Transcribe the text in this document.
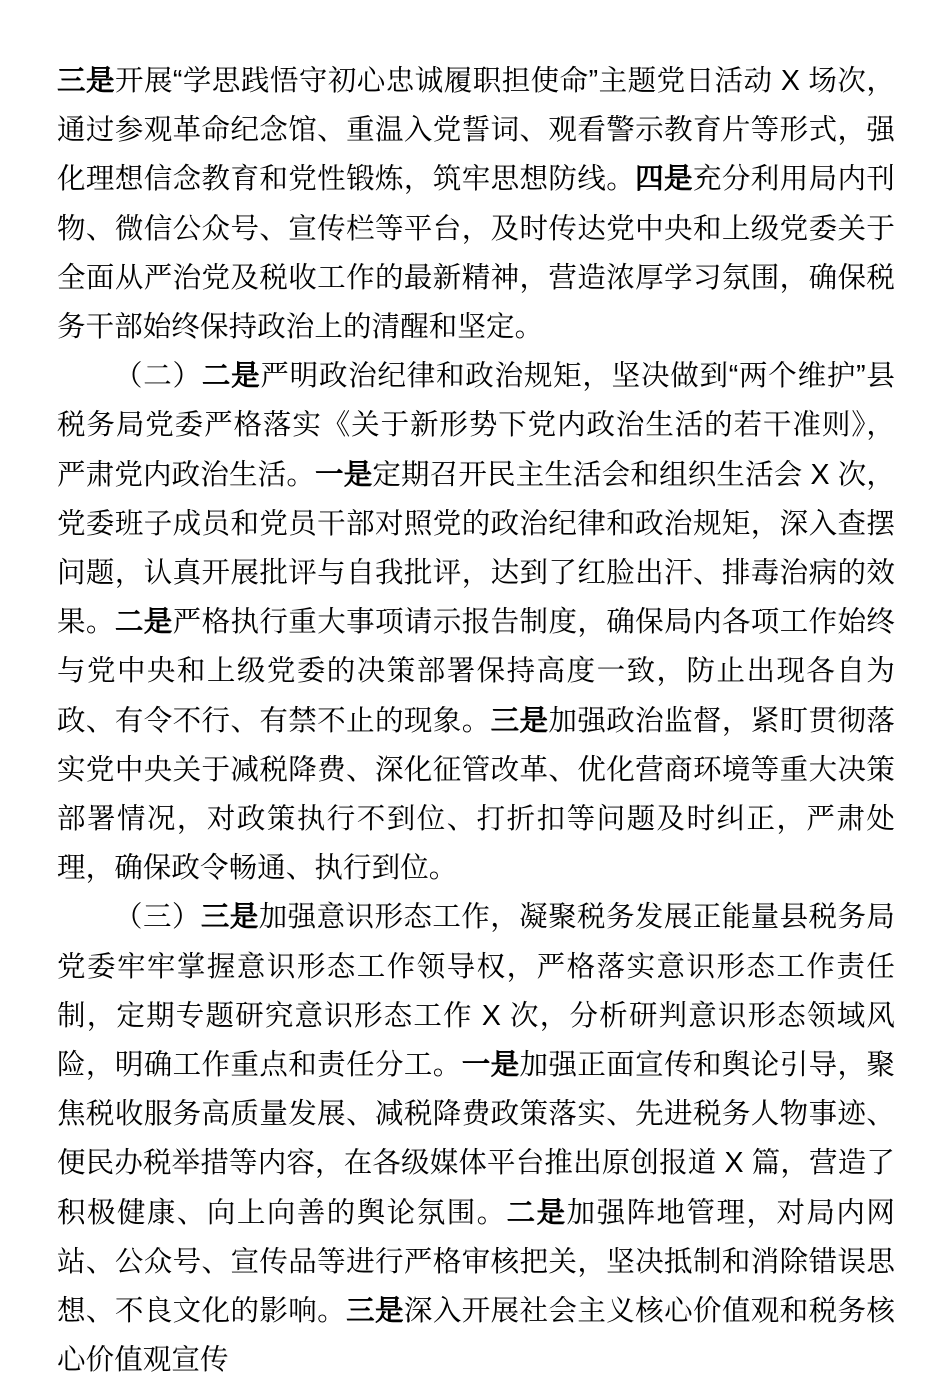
三是开展“学思践悟守初心忠诚履职担使命”主题党日活动 X 场次，通过参观革命纪念馆、重温入党誓词、观看警示教育片等形式，强化理想信念教育和党性锻炼，筑牢思想防线。四是充分利用局内刊物、微信公众号、宣传栏等平台，及时传达党中央和上级党委关于全面从严治党及税收工作的最新精神，营造浓厚学习氛围，确保税务干部始终保持政治上的清醒和坚定。

（二）二是严明政治纪律和政治规矩，坚决做到“两个维护”县税务局党委严格落实《关于新形势下党内政治生活的若干准则》，严肃党内政治生活。一是定期召开民主生活会和组织生活会 X 次，党委班子成员和党员干部对照党的政治纪律和政治规矩，深入查摆问题，认真开展批评与自我批评，达到了红脸出汗、排毒治病的效果。二是严格执行重大事项请示报告制度，确保局内各项工作始终与党中央和上级党委的决策部署保持高度一致，防止出现各自为政、有令不行、有禁不止的现象。三是加强政治监督，紧盯贯彻落实党中央关于减税降费、深化征管改革、优化营商环境等重大决策部署情况，对政策执行不到位、打折扣等问题及时纠正，严肃处理，确保政令畅通、执行到位。

（三）三是加强意识形态工作，凝聚税务发展正能量县税务局党委牢牢掌握意识形态工作领导权，严格落实意识形态工作责任制，定期专题研究意识形态工作 X 次，分析研判意识形态领域风险，明确工作重点和责任分工。一是加强正面宣传和舆论引导，聚焦税收服务高质量发展、减税降费政策落实、先进税务人物事迹、便民办税举措等内容，在各级媒体平台推出原创报道 X 篇，营造了积极健康、向上向善的舆论氛围。二是加强阵地管理，对局内网站、公众号、宣传品等进行严格审核把关，坚决抵制和消除错误思想、不良文化的影响。三是深入开展社会主义核心价值观和税务核心价值观宣传
